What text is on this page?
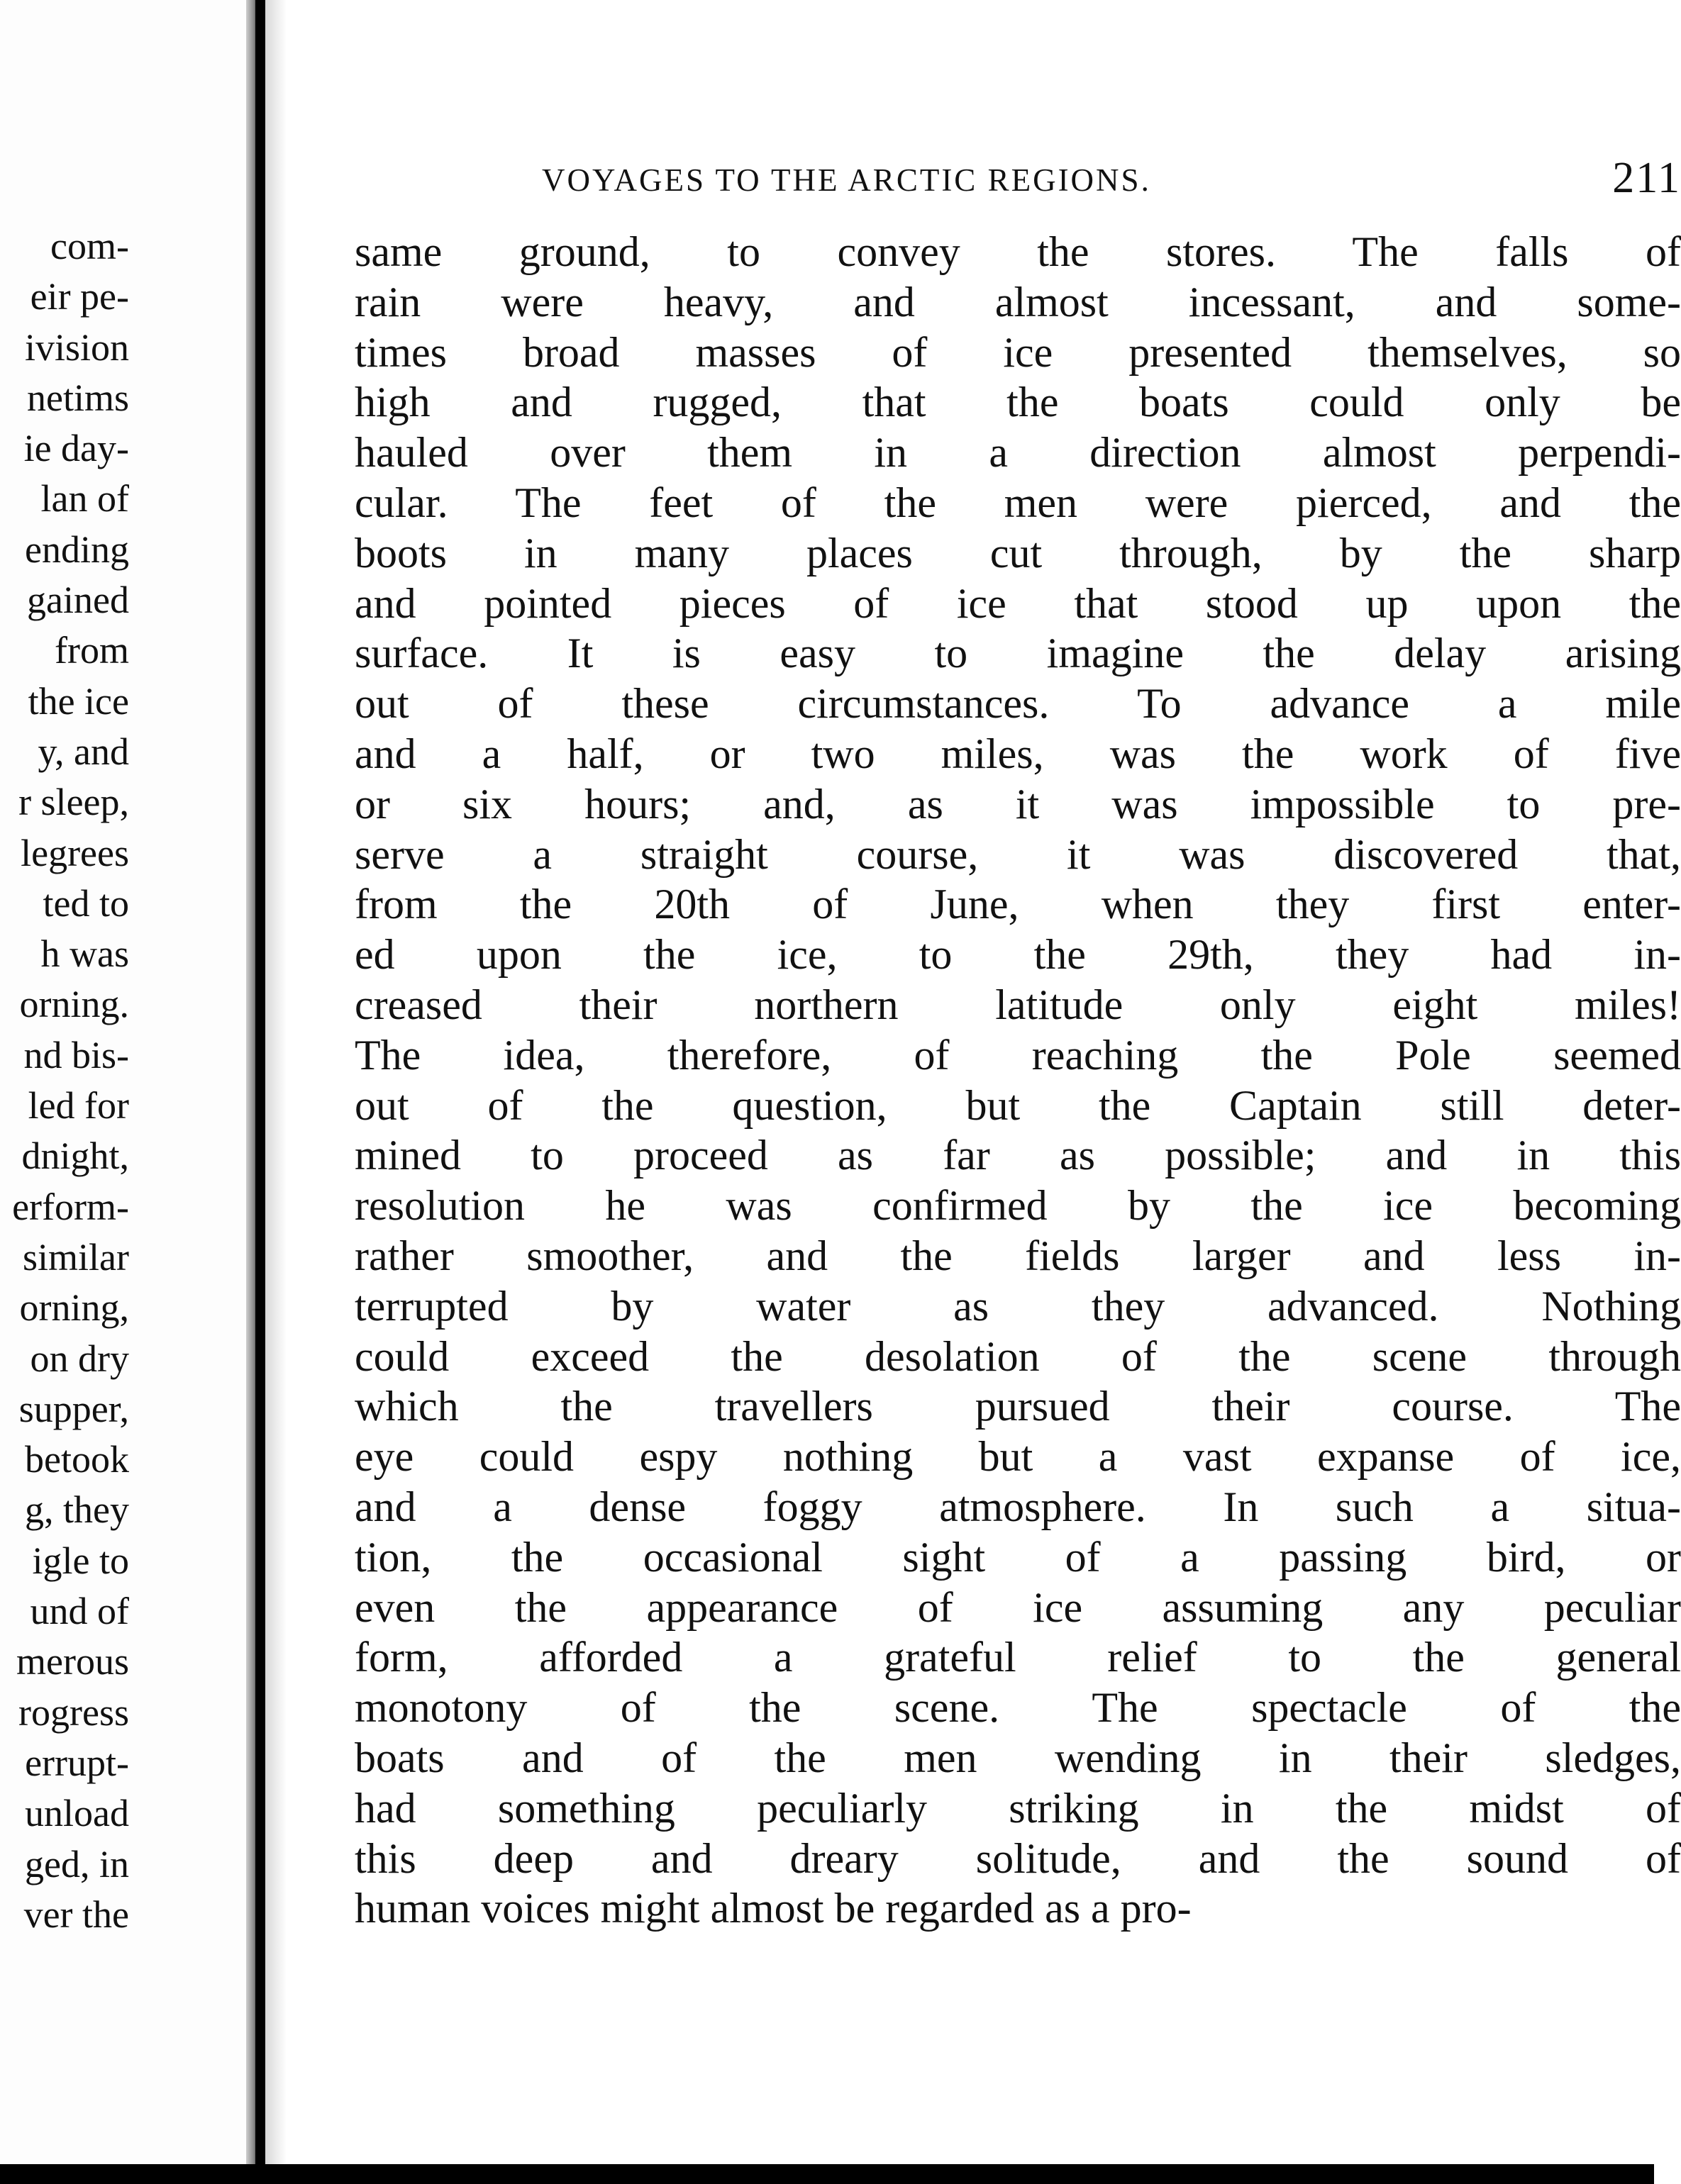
com-
eir pe-
ivision
netims
ie day-
lan of
ending
gained
from
the ice
y, and
r sleep,
legrees
ted to
h was
orning.
nd bis-
led for
dnight,
erform-
similar
orning,
on dry
supper,
betook
g, they
igle to
und of
merous
rogress
errupt-
unload
ged, in
ver the
VOYAGES TO THE ARCTIC REGIONS.	211
same ground, to convey the stores. The falls of
rain were heavy, and almost incessant, and some-
times broad masses of ice presented themselves, so
high and rugged, that the boats could only be
hauled over them in a direction almost perpendi-
cular. The feet of the men were pierced, and the
boots in many places cut through, by the sharp
and pointed pieces of ice that stood up upon the
surface. It is easy to imagine the delay arising
out of these circumstances. To advance a mile
and a half, or two miles, was the work of five
or six hours; and, as it was impossible to pre-
serve a straight course, it was discovered that,
from the 20th of June, when they first enter-
ed upon the ice, to the 29th, they had in-
creased their northern latitude only eight miles!
The idea, therefore, of reaching the Pole seemed
out of the question, but the Captain still deter-
mined to proceed as far as possible; and in this
resolution he was confirmed by the ice becoming
rather smoother, and the fields larger and less in-
terrupted by water as they advanced. Nothing
could exceed the desolation of the scene through
which the travellers pursued their course. The
eye could espy nothing but a vast expanse of ice,
and a dense foggy atmosphere. In such a situa-
tion, the occasional sight of a passing bird, or
even the appearance of ice assuming any peculiar
form, afforded a grateful relief to the general
monotony of the scene. The spectacle of the
boats and of the men wending in their sledges,
had something peculiarly striking in the midst of
this deep and dreary solitude, and the sound of
human voices might almost be regarded as a pro-
